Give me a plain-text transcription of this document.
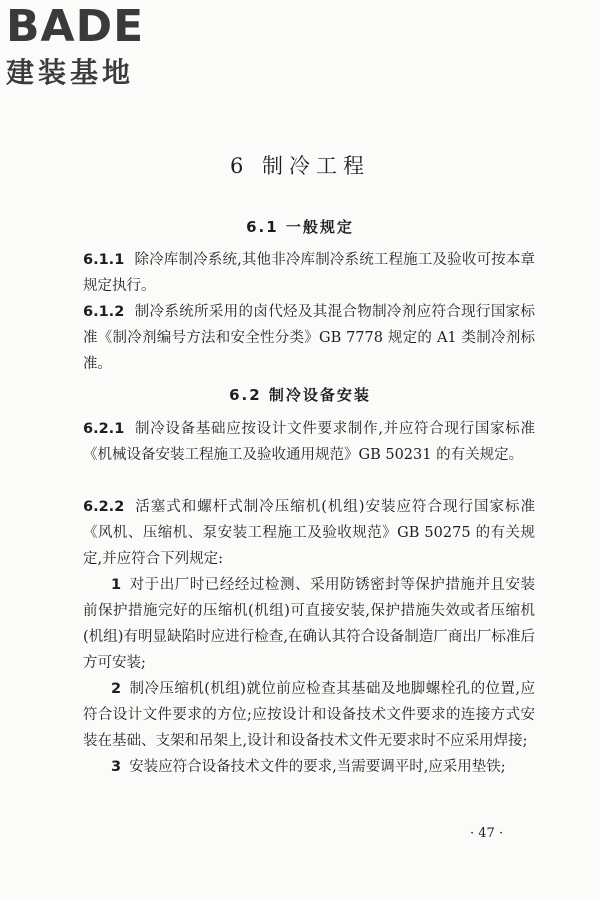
BADE
建装基地
6 制冷工程
6.1 一般规定

6.1.1 除冷库制冷系统,其他非冷库制冷系统工程施工及验收可按本章规定执行。

6.1.2 制冷系统所采用的卤代烃及其混合物制冷剂应符合现行国家标准《制冷剂编号方法和安全性分类》GB 7778 规定的 A1 类制冷剂标准。

6.2 制冷设备安装

6.2.1 制冷设备基础应按设计文件要求制作,并应符合现行国家标准《机械设备安装工程施工及验收通用规范》GB 50231 的有关规定。

6.2.2 活塞式和螺杆式制冷压缩机(机组)安装应符合现行国家标准《风机、压缩机、泵安装工程施工及验收规范》GB 50275 的有关规定,并应符合下列规定:

1 对于出厂时已经经过检测、采用防锈密封等保护措施并且安装前保护措施完好的压缩机(机组)可直接安装,保护措施失效或者压缩机(机组)有明显缺陷时应进行检查,在确认其符合设备制造厂商出厂标准后方可安装;

2 制冷压缩机(机组)就位前应检查其基础及地脚螺栓孔的位置,应符合设计文件要求的方位;应按设计和设备技术文件要求的连接方式安装在基础、支架和吊架上,设计和设备技术文件无要求时不应采用焊接;

3 安装应符合设备技术文件的要求,当需要调平时,应采用垫铁;

· 47 ·
